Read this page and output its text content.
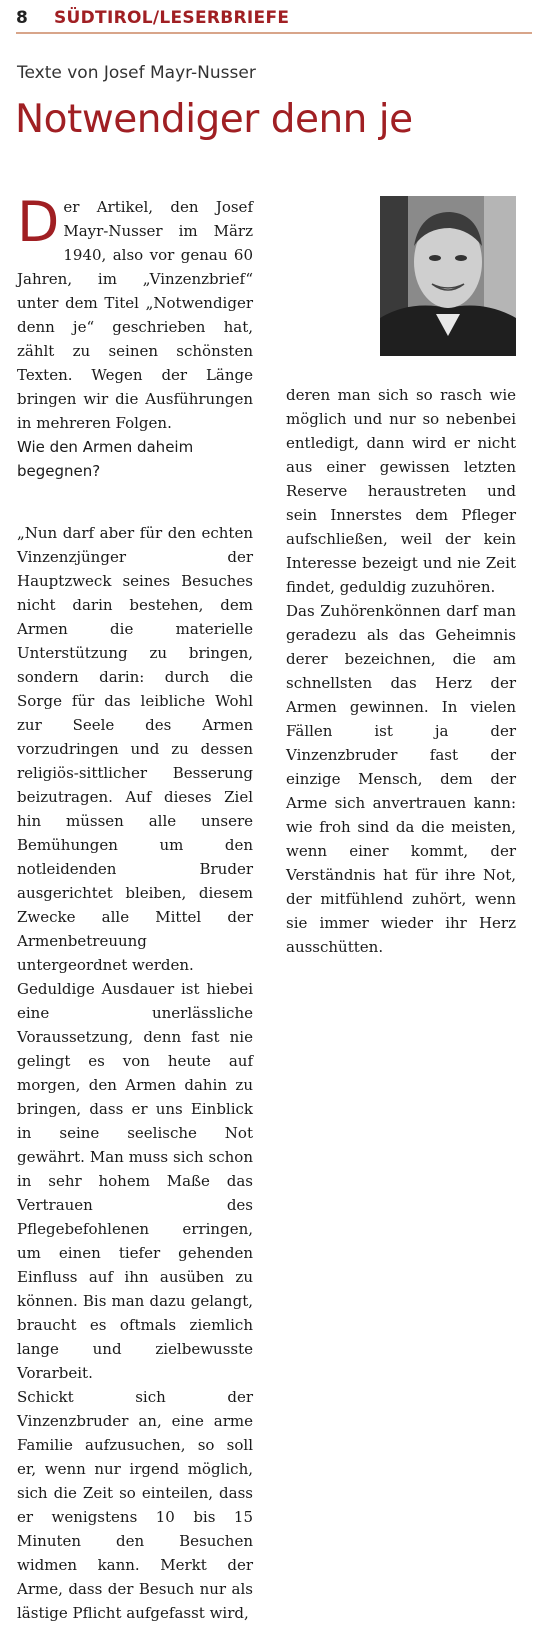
8 SÜDTIROL/LESERBRIEFE
Texte von Josef Mayr-Nusser
Notwendiger denn je

Der Artikel, den Josef Mayr-Nusser im März 1940, also vor genau 60 Jahren, im „Vinzenzbrief“ unter dem Titel „Notwendiger denn je“ geschrieben hat, zählt zu seinen schönsten Texten. Wegen der Länge bringen wir die Ausführungen in mehreren Folgen.

Wie den Armen daheim begegnen?

„Nun darf aber für den echten Vinzenzjünger der Hauptzweck seines Besuches nicht darin bestehen, dem Armen die materielle Unterstützung zu bringen, sondern darin: durch die Sorge für das leibliche Wohl zur Seele des Armen vorzudringen und zu dessen religiös-sittlicher Besserung beizutragen. Auf dieses Ziel hin müssen alle unsere Bemühungen um den notleidenden Bruder ausgerichtet bleiben, diesem Zwecke alle Mittel der Armenbetreuung untergeordnet werden.

Geduldige Ausdauer ist hiebei eine unerlässliche Voraussetzung, denn fast nie gelingt es von heute auf morgen, den Armen dahin zu bringen, dass er uns Einblick in seine seelische Not gewährt. Man muss sich schon in sehr hohem Maße das Vertrauen des Pflegebefohlenen erringen, um einen tiefer gehenden Einfluss auf ihn ausüben zu können. Bis man dazu gelangt, braucht es oftmals ziemlich lange und zielbewusste Vorarbeit.

Schickt sich der Vinzenzbruder an, eine arme Familie aufzusuchen, so soll er, wenn nur irgend möglich, sich die Zeit so einteilen, dass er wenigstens 10 bis 15 Minuten den Besuchen widmen kann. Merkt der Arme, dass der Besuch nur als lästige Pflicht aufgefasst wird,

deren man sich so rasch wie möglich und nur so nebenbei entledigt, dann wird er nicht aus einer gewissen letzten Reserve heraustreten und sein Innerstes dem Pfleger aufschließen, weil der kein Interesse bezeigt und nie Zeit findet, geduldig zuzuhören.

Das Zuhörenkönnen darf man geradezu als das Geheimnis derer bezeichnen, die am schnellsten das Herz der Armen gewinnen. In vielen Fällen ist ja der Vinzenzbruder fast der einzige Mensch, dem der Arme sich anvertrauen kann: wie froh sind da die meisten, wenn einer kommt, der Verständnis hat für ihre Not, der mitfühlend zuhört, wenn sie immer wieder ihr Herz ausschütten.
